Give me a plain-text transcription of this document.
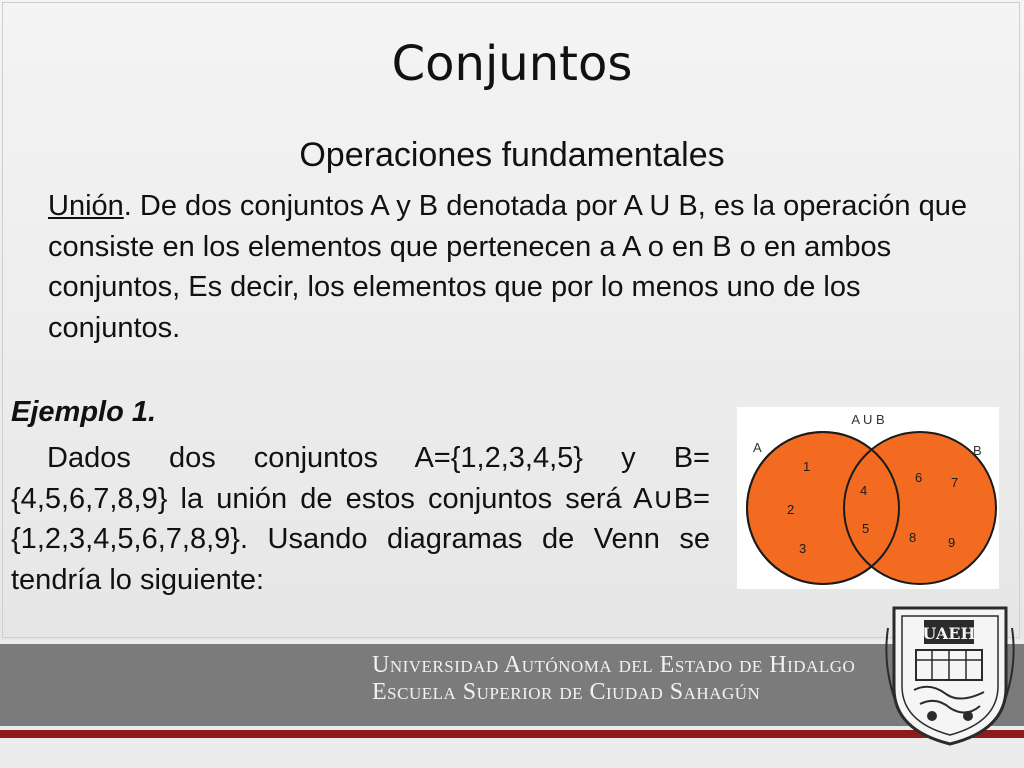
Conjuntos
Operaciones fundamentales
Unión. De dos conjuntos A y B denotada por A U B, es la operación que consiste en los elementos que pertenecen a A o en B o en ambos conjuntos, Es decir, los elementos que por lo menos uno de los conjuntos.
Ejemplo 1.
Dados dos conjuntos A={1,2,3,4,5} y B={4,5,6,7,8,9} la unión de estos conjuntos será A∪B={1,2,3,4,5,6,7,8,9}. Usando diagramas de Venn se tendría lo siguiente:
A U B
A	B
1
2
3
4
5
6 7
8 9
Universidad Autónoma del Estado de Hidalgo
Escuela Superior de Ciudad Sahagún
UAEH
